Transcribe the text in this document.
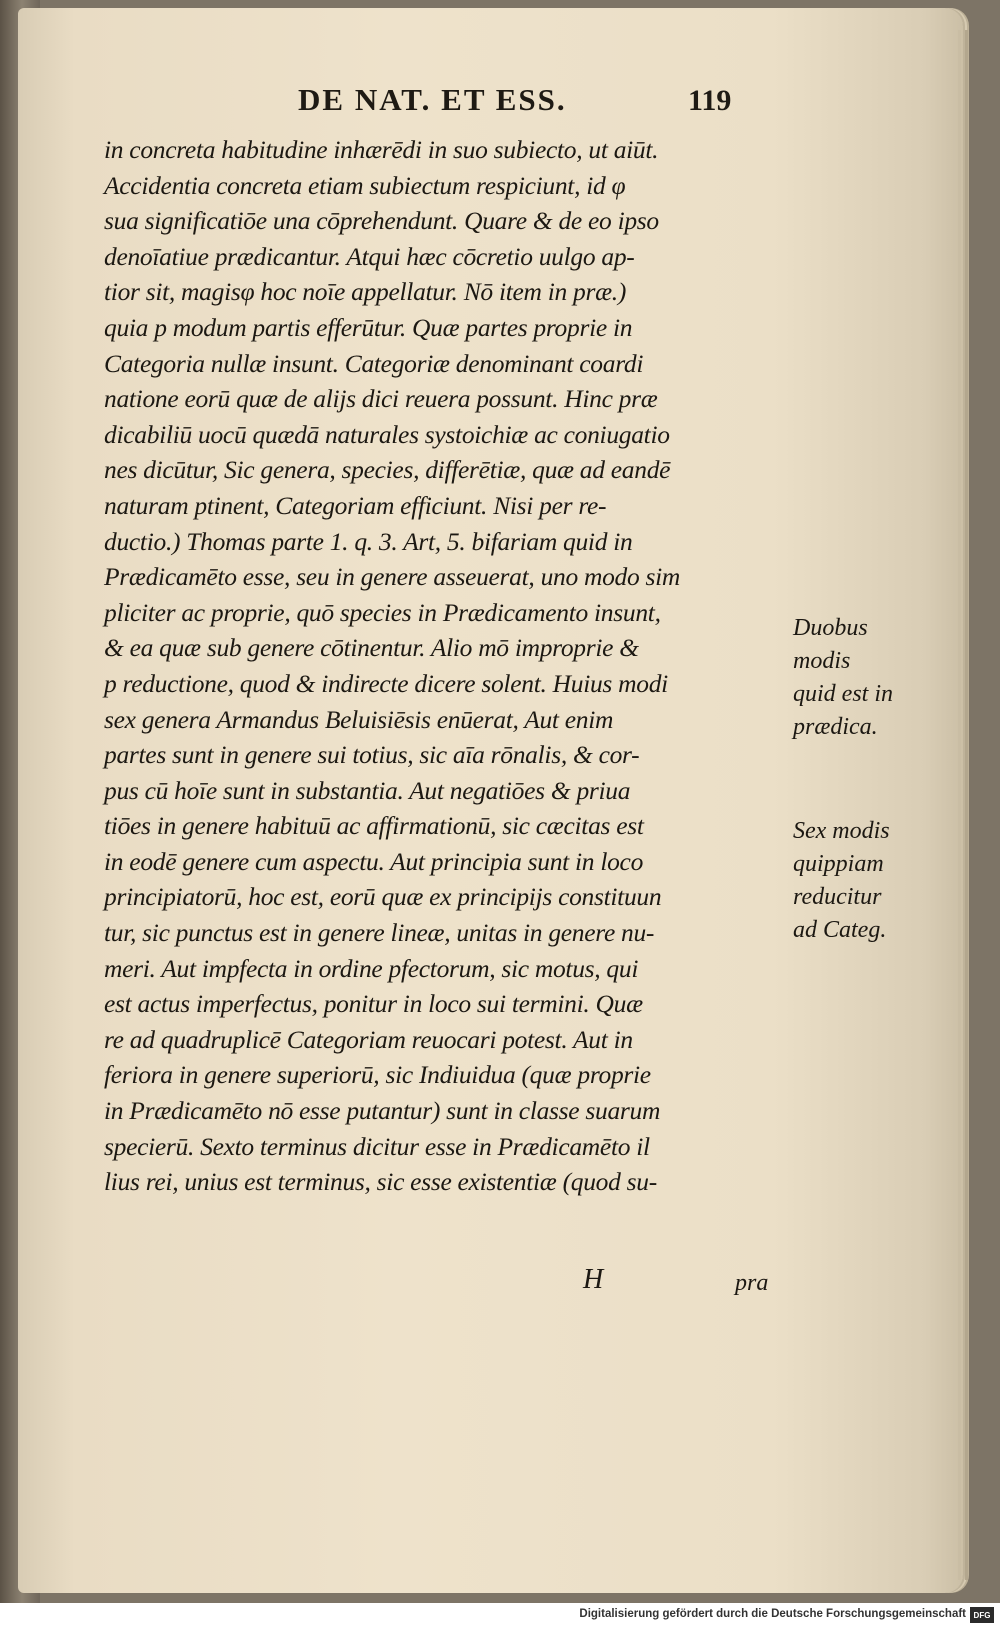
DE NAT. ET ESS.	119
in concreta habitudine inhærēdi in suo subiecto, ut aiūt.
Accidentia concreta etiam subiectum respiciunt, id φ
sua significatiōe una cōprehendunt. Quare & de eo ipso
denoīatiue prædicantur. Atqui hæc cōcretio uulgo ap-
tior sit, magisφ hoc noīe appellatur. Nō item in præ.)
quia p modum partis efferūtur. Quæ partes proprie in
Categoria nullæ insunt. Categoriæ denominant coardi
natione eorū quæ de alijs dici reuera possunt. Hinc præ
dicabiliū uocū quædā naturales systoichiæ ac coniugatio
nes dicūtur, Sic genera, species, differētiæ, quæ ad eandē
naturam ptinent, Categoriam efficiunt. Nisi per re-
ductio.) Thomas parte 1. q. 3. Art, 5. bifariam quid in
Prædicamēto esse, seu in genere asseuerat, uno modo sim
pliciter ac proprie, quō species in Prædicamento insunt,
& ea quæ sub genere cōtinentur. Alio mō improprie &
p reductione, quod & indirecte dicere solent. Huius modi
sex genera Armandus Beluisiēsis enūerat, Aut enim
partes sunt in genere sui totius, sic aīa rōnalis, & cor-
pus cū hoīe sunt in substantia. Aut negatiōes & priua
tiōes in genere habituū ac affirmationū, sic cæcitas est
in eodē genere cum aspectu. Aut principia sunt in loco
principiatorū, hoc est, eorū quæ ex principijs constituun
tur, sic punctus est in genere lineæ, unitas in genere nu-
meri. Aut impfecta in ordine pfectorum, sic motus, qui
est actus imperfectus, ponitur in loco sui termini. Quæ
re ad quadruplicē Categoriam reuocari potest. Aut in
feriora in genere superiorū, sic Indiuidua (quæ proprie
in Prædicamēto nō esse putantur) sunt in classe suarum
specierū. Sexto terminus dicitur esse in Prædicamēto il
lius rei, unius est terminus, sic esse existentiæ (quod su-
Duobus
modis
quid est in
prædica.
Sex modis
quippiam
reducitur
ad Categ.
H	pra
Digitalisierung gefördert durch die Deutsche Forschungsgemeinschaft DFG
